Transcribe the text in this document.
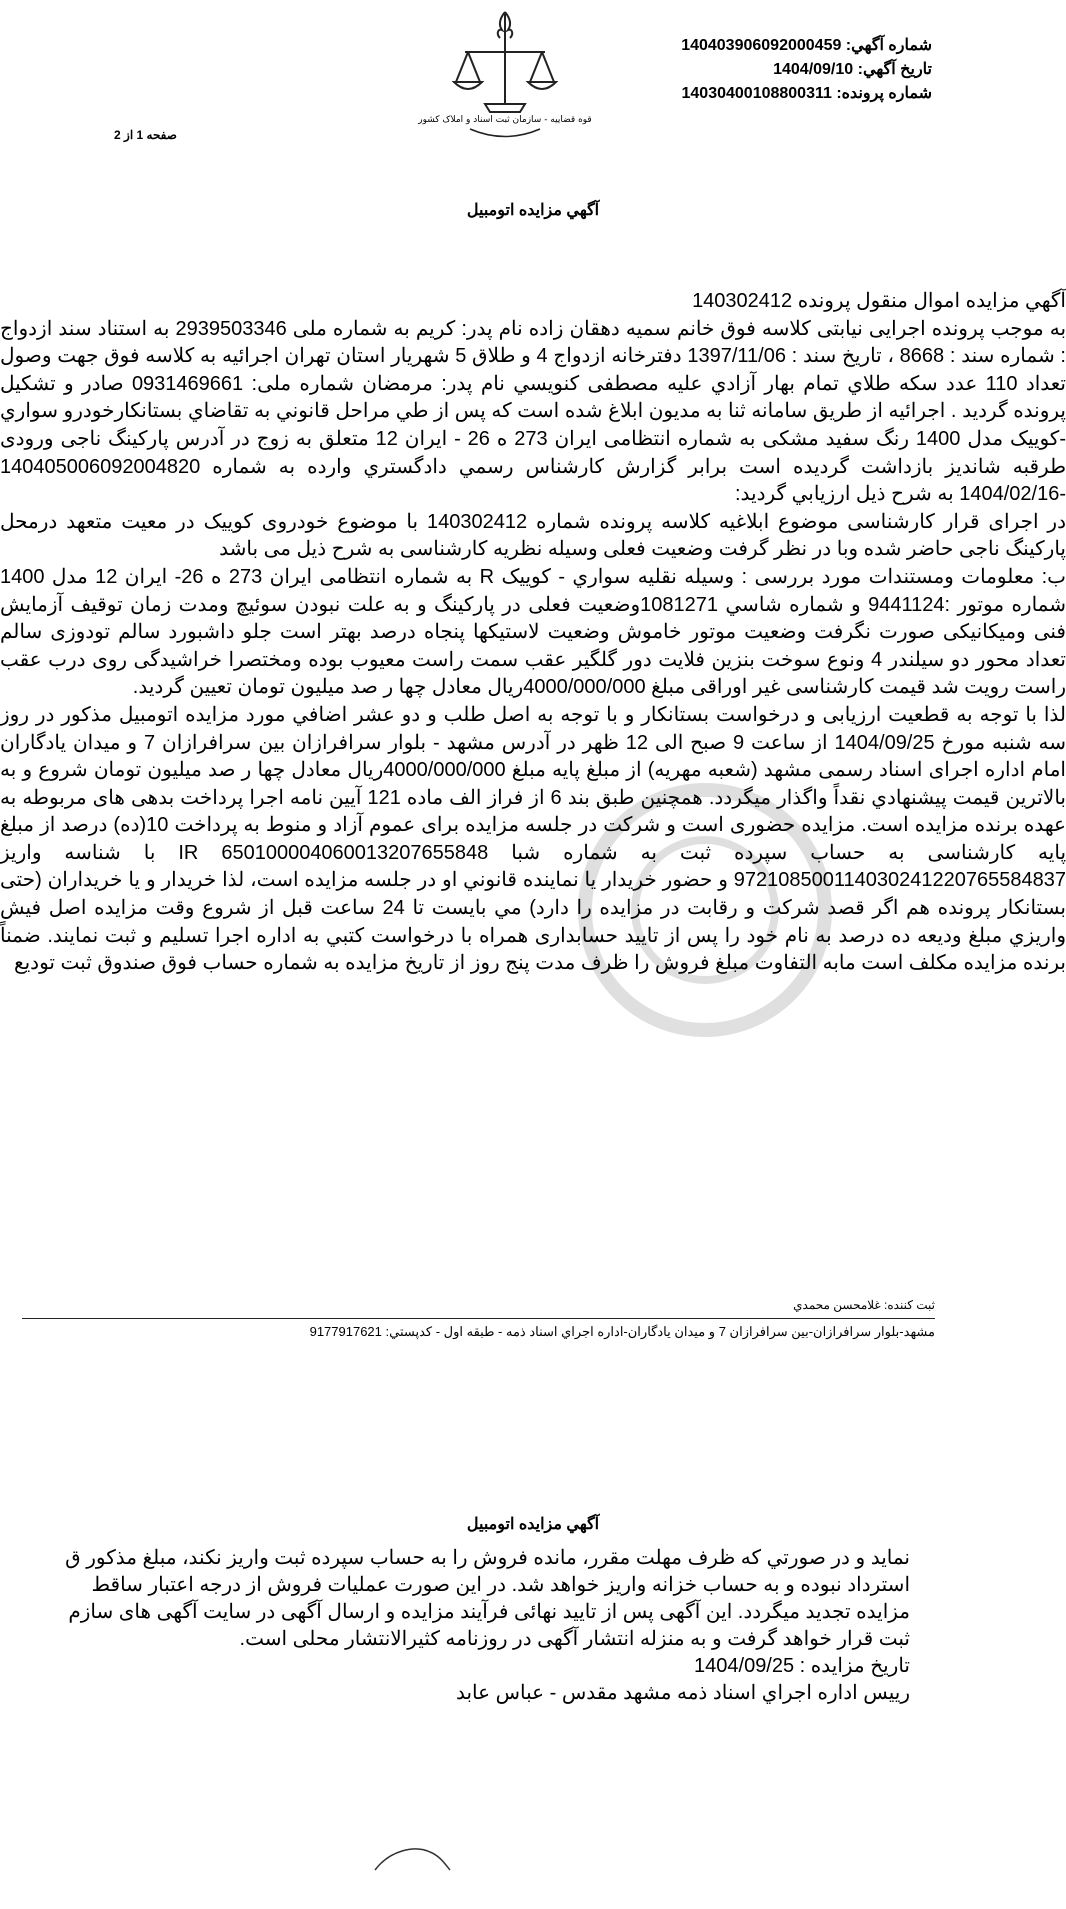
شماره آگهي: 140403906092000459
تاريخ آگهي: 1404/09/10
شماره پرونده: 14030400108800311
صفحه 1 از 2
قوه قضاییه - سازمان ثبت اسناد و املاک کشور
آگهي مزايده اتومبيل

آگهي مزايده اموال منقول پرونده 140302412

به موجب پرونده اجرايی نيابتی كلاسه فوق خانم سميه دهقان زاده نام پدر: كريم به شماره ملی 2939503346 به استناد سند ازدواج : شماره سند : 8668 ، تاريخ سند : 1397/11/06 دفترخانه ازدواج 4 و طلاق 5 شهريار استان تهران اجرائيه به كلاسه فوق جهت وصول تعداد 110 عدد سكه طلاي تمام بهار آزادي عليه مصطفی كنويسي نام پدر: مرمضان شماره ملی: 0931469661 صادر و تشكيل پرونده گرديد . اجرائيه از طريق سامانه ثنا به مديون ابلاغ شده است كه پس از طي مراحل قانوني به تقاضاي بستانكارخودرو سواري -كوييک مدل 1400 رنگ سفيد مشكی به شماره انتظامی ايران 273 ه 26 - ايران 12 متعلق به زوج در آدرس پاركينگ ناجی ورودی طرقبه شانديز بازداشت گرديده است برابر گزارش كارشناس رسمي دادگستري وارده به شماره 14040500609200482‌0 -1404/02/16 به شرح ذيل ارزيابي گرديد:

در اجرای قرار كارشناسی موضوع ابلاغيه كلاسه پرونده شماره 140302412 با موضوع خودروی كوييک در معيت متعهد درمحل پاركينگ ناجی حاضر شده وبا در نظر گرفت وضعيت فعلی وسيله نظريه كارشناسی به شرح ذيل می باشد

ب: معلومات ومستندات مورد بررسی : وسيله نقليه سواري - كوييک R به شماره انتظامی ايران 273 ه 26- ايران 12 مدل 1400 شماره موتور :9441124 و شماره شاسي 1081271وضعيت فعلی در پاركينگ و به علت نبودن سوئيچ ومدت زمان توقيف آزمايش فنی وميكانيكی صورت نگرفت وضعيت موتور خاموش وضعيت لاستيكها پنجاه درصد بهتر است جلو داشبورد سالم تودوزی سالم تعداد محور دو سيلندر 4 ونوع سوخت بنزين فلايت دور گلگير عقب سمت راست معيوب بوده ومختصرا خراشيدگی روی درب عقب راست رويت شد قيمت كارشناسی غير اوراقی مبلغ 4000/000/000ريال معادل چها ر صد ميليون تومان تعيين گرديد.

لذا با توجه به قطعيت ارزيابی و درخواست بستانكار و با توجه به اصل طلب و دو عشر اضافي مورد مزايده اتومبيل مذكور در روز سه شنبه مورخ 1404/09/25 از ساعت 9 صبح الی 12 ظهر در آدرس مشهد - بلوار سرافرازان بين سرافرازان 7 و ميدان يادگاران امام اداره اجرای اسناد رسمی مشهد (شعبه مهريه) از مبلغ پايه مبلغ 4000/000/000ريال معادل چها ر صد ميليون تومان شروع و به بالاترين قيمت پيشنهادي نقداً واگذار ميگردد. همچنين طبق بند 6 از فراز الف ماده 121 آيين نامه اجرا پرداخت بدهی های مربوطه به عهده برنده مزايده است. مزايده حضوری است و شركت در جلسه مزايده برای عموم آزاد و منوط به پرداخت 10(ده) درصد از مبلغ پايه كارشناسی به حساب سپرده ثبت به شماره شبا IR 650100004060013207655848 با شناسه واريز 972108500114030241220765584837 و حضور خريدار يا نماينده قانوني او در جلسه مزايده است، لذا خريدار و يا خريداران (حتی بستانكار پرونده هم اگر قصد شركت و رقابت در مزايده را دارد) مي بايست تا 24 ساعت قبل از شروع وقت مزايده اصل فيش واريزي مبلغ وديعه ده درصد به نام خود را پس از تاييد حسابداری همراه با درخواست كتبي به اداره اجرا تسليم و ثبت نمايند. ضمناً برنده مزايده مكلف است مابه التفاوت مبلغ فروش را ظرف مدت پنج روز از تاريخ مزايده به شماره حساب فوق صندوق ثبت توديع

ثبت كننده: غلامحسن محمدي
مشهد-بلوار سرافرازان-بين سرافرازان 7 و ميدان يادگاران-اداره اجراي اسناد ذمه - طبقه اول - كدپستي: 9177917621
آگهي مزايده اتومبيل

نمايد و در صورتي كه ظرف مهلت مقرر، مانده فروش را به حساب سپرده ثبت واريز نكند، مبلغ مذكور ق

استرداد نبوده و به حساب خزانه واريز خواهد شد. در اين صورت عمليات فروش از درجه اعتبار ساقط

مزايده تجديد ميگردد. اين آگهی پس از تاييد نهائی فرآيند مزايده و ارسال آگهی در سايت آگهی های سازم

ثبت قرار خواهد گرفت و به منزله انتشار آگهی در روزنامه كثيرالانتشار محلی است.

تاريخ مزايده : 1404/09/25

رييس اداره اجراي اسناد ذمه مشهد مقدس - عباس عابد
